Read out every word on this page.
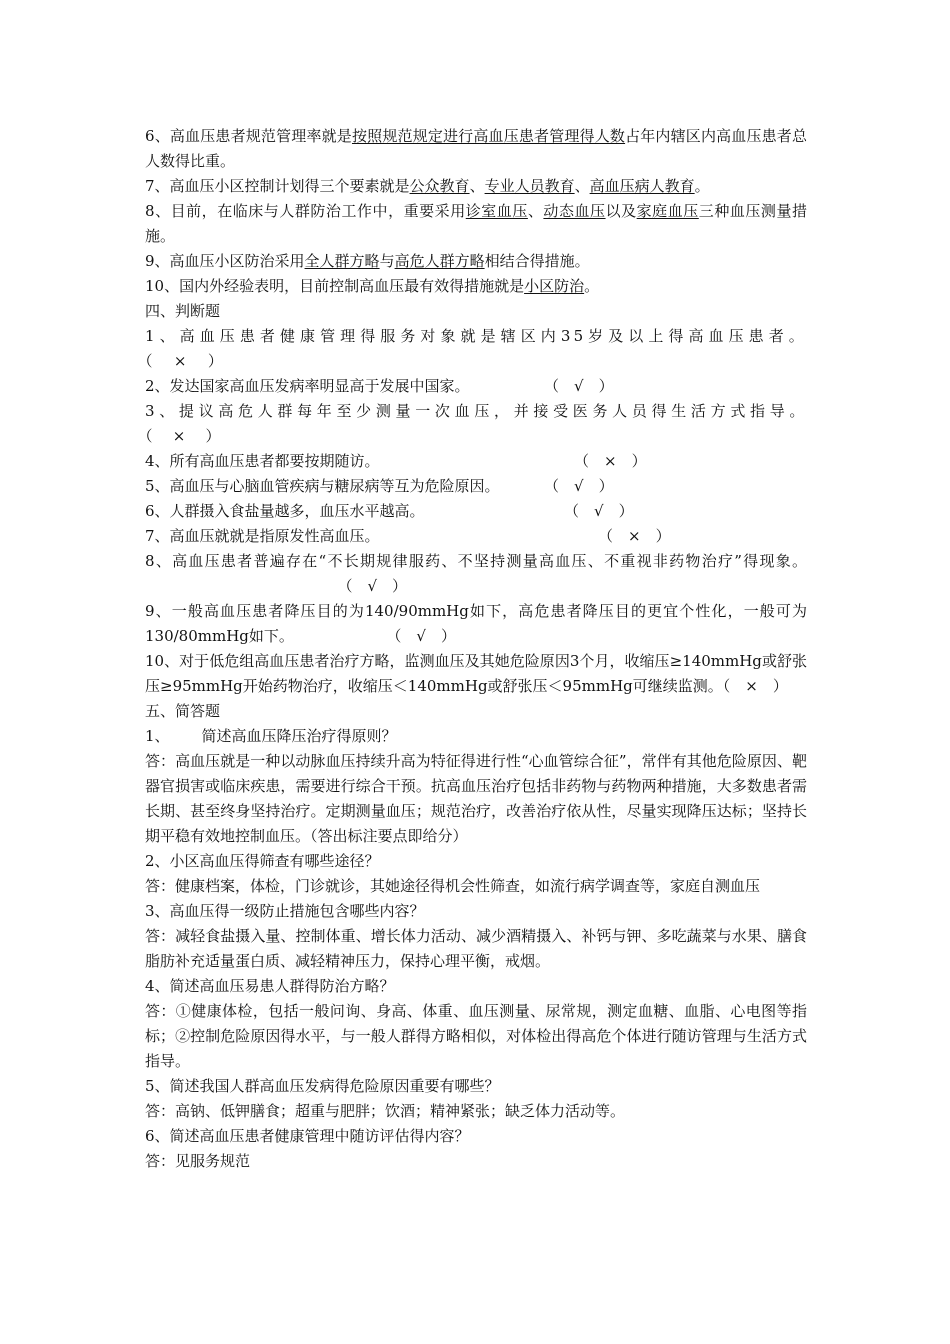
6、高血压患者规范管理率就是按照规范规定进行高血压患者管理得人数占年内辖区内高血压患者总人数得比重。

7、高血压小区控制计划得三个要素就是公众教育、专业人员教育、高血压病人教育。

8、目前，在临床与人群防治工作中，重要采用诊室血压、动态血压以及家庭血压三种血压测量措施。

9、高血压小区防治采用全人群方略与高危人群方略相结合得措施。

10、国内外经验表明，目前控制高血压最有效得措施就是小区防治。

四、判断题

1、高血压患者健康管理得服务对象就是辖区内35岁及以上得高血压患者。（　×　）

2、发达国家高血压发病率明显高于发展中国家。	（　√　）

3、提议高危人群每年至少测量一次血压，并接受医务人员得生活方式指导。（　×　）

4、所有高血压患者都要按期随访。	（　×　）

5、高血压与心脑血管疾病与糖尿病等互为危险原因。	（　√　）

6、人群摄入食盐量越多，血压水平越高。	（　√　）

7、高血压就就是指原发性高血压。	（　×　）

8、高血压患者普遍存在“不长期规律服药、不坚持测量高血压、不重视非药物治疗”得现象。（　√　）

9、一般高血压患者降压目的为140/90mmHg如下，高危患者降压目的更宜个性化，一般可为130/80mmHg如下。	（　√　）

10、对于低危组高血压患者治疗方略，监测血压及其她危险原因3个月，收缩压≥140mmHg或舒张压≥95mmHg开始药物治疗，收缩压＜140mmHg或舒张压＜95mmHg可继续监测。（　×　）

五、简答题

1、 简述高血压降压治疗得原则？

答：高血压就是一种以动脉血压持续升高为特征得进行性“心血管综合征”，常伴有其他危险原因、靶器官损害或临床疾患，需要进行综合干预。抗高血压治疗包括非药物与药物两种措施，大多数患者需长期、甚至终身坚持治疗。定期测量血压；规范治疗，改善治疗依从性，尽量实现降压达标；坚持长期平稳有效地控制血压。（答出标注要点即给分）

2、小区高血压得筛查有哪些途径？

答：健康档案，体检，门诊就诊，其她途径得机会性筛查，如流行病学调查等，家庭自测血压

3、高血压得一级防止措施包含哪些内容？

答：减轻食盐摄入量、控制体重、增长体力活动、减少酒精摄入、补钙与钾、多吃蔬菜与水果、膳食脂肪补充适量蛋白质、减轻精神压力，保持心理平衡，戒烟。

4、简述高血压易患人群得防治方略？

答：①健康体检，包括一般问询、身高、体重、血压测量、尿常规，测定血糖、血脂、心电图等指标；②控制危险原因得水平，与一般人群得方略相似，对体检出得高危个体进行随访管理与生活方式指导。

5、简述我国人群高血压发病得危险原因重要有哪些？

答：高钠、低钾膳食；超重与肥胖；饮酒；精神紧张；缺乏体力活动等。

6、简述高血压患者健康管理中随访评估得内容？

答：见服务规范
